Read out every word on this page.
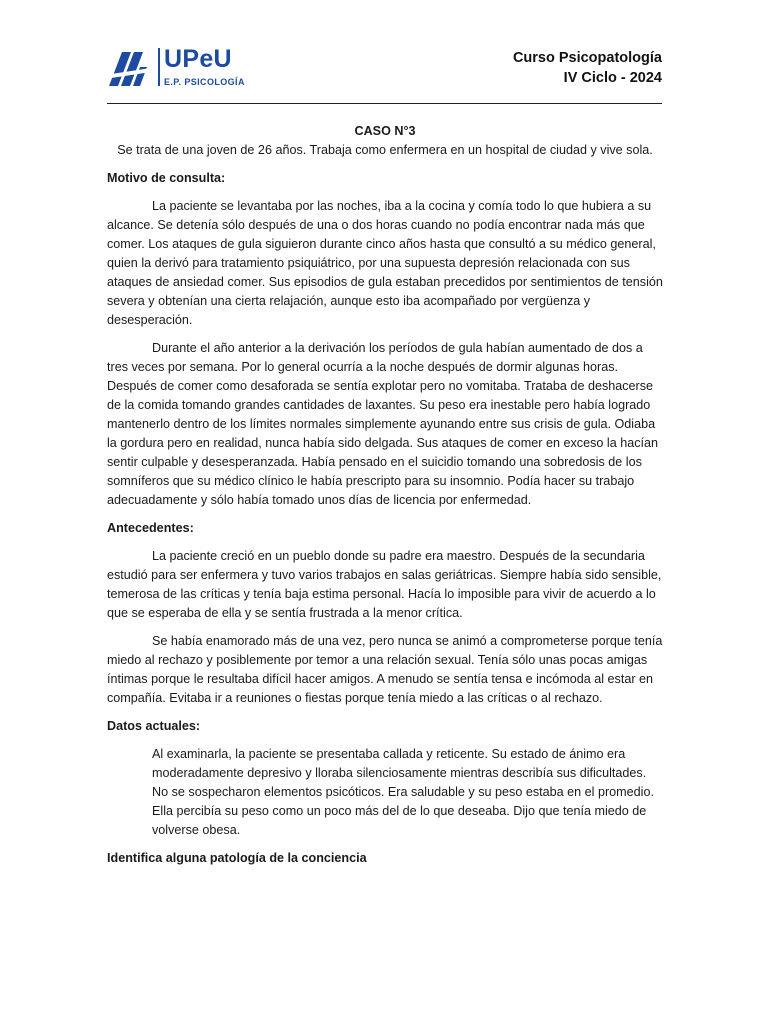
UPeU
E.P. PSICOLOGÍA
Curso Psicopatología
IV Ciclo - 2024

CASO N°3

Se trata de una joven de 26 años. Trabaja como enfermera en un hospital de ciudad y vive sola.

Motivo de consulta:

La paciente se levantaba por las noches, iba a la cocina y comía todo lo que hubiera a su alcance. Se detenía sólo después de una o dos horas cuando no podía encontrar nada más que comer. Los ataques de gula siguieron durante cinco años hasta que consultó a su médico general, quien la derivó para tratamiento psiquiátrico, por una supuesta depresión relacionada con sus ataques de ansiedad comer. Sus episodios de gula estaban precedidos por sentimientos de tensión severa y obtenían una cierta relajación, aunque esto iba acompañado por vergüenza y desesperación.

Durante el año anterior a la derivación los períodos de gula habían aumentado de dos a tres veces por semana. Por lo general ocurría a la noche después de dormir algunas horas. Después de comer como desaforada se sentía explotar pero no vomitaba. Trataba de deshacerse de la comida tomando grandes cantidades de laxantes. Su peso era inestable pero había logrado mantenerlo dentro de los límites normales simplemente ayunando entre sus crisis de gula. Odiaba la gordura pero en realidad, nunca había sido delgada. Sus ataques de comer en exceso la hacían sentir culpable y desesperanzada. Había pensado en el suicidio tomando una sobredosis de los somníferos que su médico clínico le había prescripto para su insomnio. Podía hacer su trabajo adecuadamente y sólo había tomado unos días de licencia por enfermedad.

Antecedentes:

La paciente creció en un pueblo donde su padre era maestro. Después de la secundaria estudió para ser enfermera y tuvo varios trabajos en salas geriátricas. Siempre había sido sensible, temerosa de las críticas y tenía baja estima personal. Hacía lo imposible para vivir de acuerdo a lo que se esperaba de ella y se sentía frustrada a la menor crítica.

Se había enamorado más de una vez, pero nunca se animó a comprometerse porque tenía miedo al rechazo y posiblemente por temor a una relación sexual. Tenía sólo unas pocas amigas íntimas porque le resultaba difícil hacer amigos. A menudo se sentía tensa e incómoda al estar en compañía. Evitaba ir a reuniones o fiestas porque tenía miedo a las críticas o al rechazo.

Datos actuales:

Al examinarla, la paciente se presentaba callada y reticente. Su estado de ánimo era moderadamente depresivo y lloraba silenciosamente mientras describía sus dificultades. No se sospecharon elementos psicóticos. Era saludable y su peso estaba en el promedio. Ella percibía su peso como un poco más del de lo que deseaba. Dijo que tenía miedo de volverse obesa.

Identifica alguna patología de la conciencia
